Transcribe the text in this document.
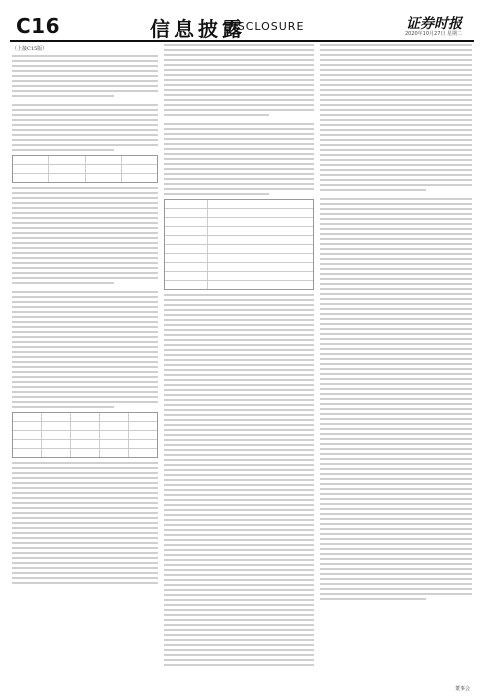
C16	信息披露
DISCLOSURE	证券时报
2020年10月27日 星期二
（上接C15版）
董事会
